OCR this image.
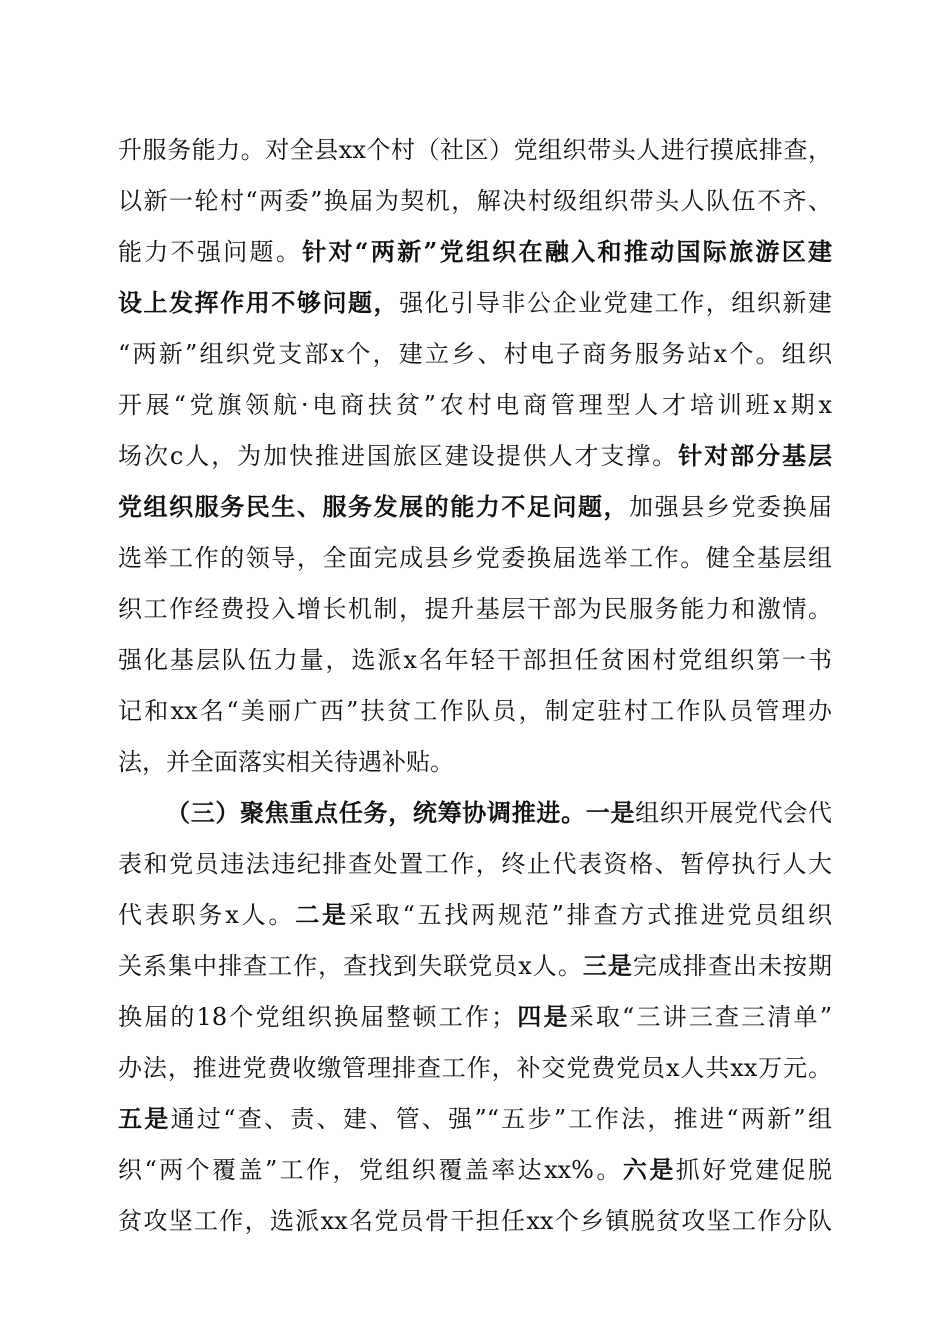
升服务能力。对全县xx个村（社区）党组织带头人进行摸底排查，
以新一轮村“两委”换届为契机，解决村级组织带头人队伍不齐、
能力不强问题。针对“两新”党组织在融入和推动国际旅游区建
设上发挥作用不够问题，强化引导非公企业党建工作，组织新建
“两新”组织党支部x个，建立乡、村电子商务服务站x个。组织
开展“党旗领航·电商扶贫”农村电商管理型人才培训班x期x
场次c人，为加快推进国旅区建设提供人才支撑。针对部分基层
党组织服务民生、服务发展的能力不足问题，加强县乡党委换届
选举工作的领导，全面完成县乡党委换届选举工作。健全基层组
织工作经费投入增长机制，提升基层干部为民服务能力和激情。
强化基层队伍力量，选派x名年轻干部担任贫困村党组织第一书
记和xx名“美丽广西”扶贫工作队员，制定驻村工作队员管理办
法，并全面落实相关待遇补贴。
（三）聚焦重点任务，统筹协调推进。一是组织开展党代会代
表和党员违法违纪排查处置工作，终止代表资格、暂停执行人大
代表职务x人。二是采取“五找两规范”排查方式推进党员组织
关系集中排查工作，查找到失联党员x人。三是完成排查出未按期
换届的18个党组织换届整顿工作；四是采取“三讲三查三清单”
办法，推进党费收缴管理排查工作，补交党费党员x人共xx万元。
五是通过“查、责、建、管、强”“五步”工作法，推进“两新”组
织“两个覆盖”工作，党组织覆盖率达xx%。六是抓好党建促脱
贫攻坚工作，选派xx名党员骨干担任xx个乡镇脱贫攻坚工作分队
